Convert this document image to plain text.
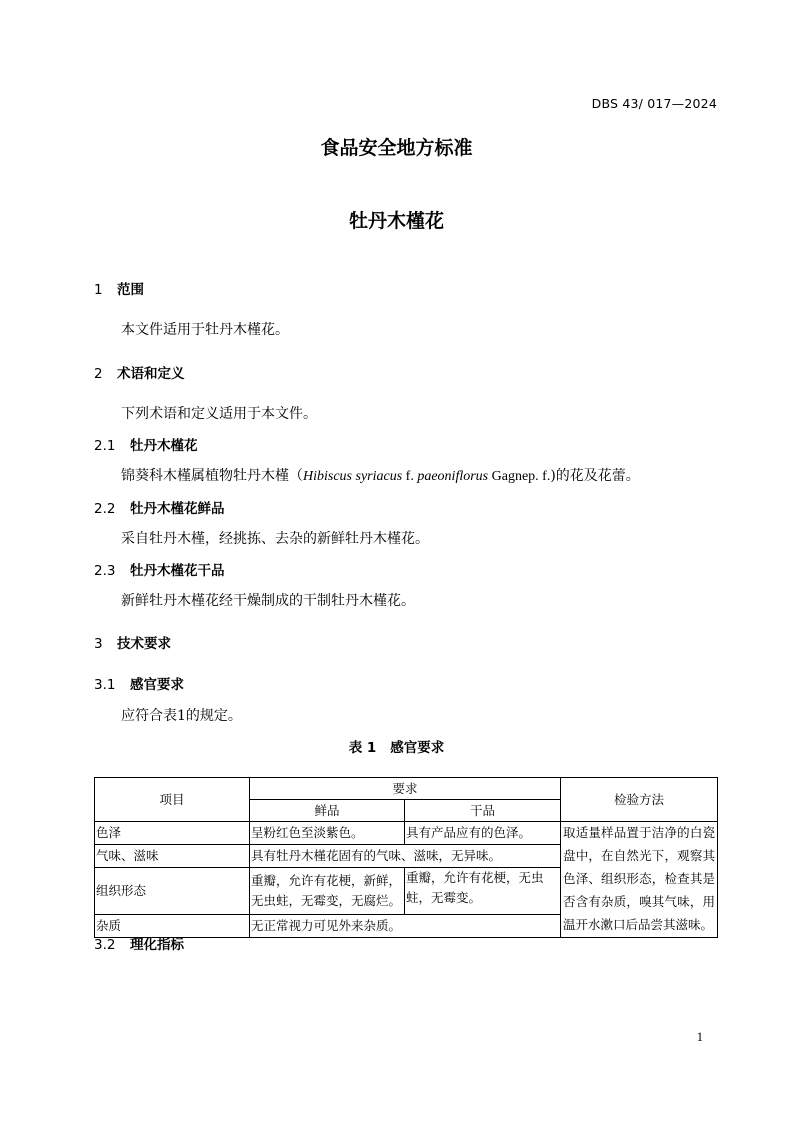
DBS 43/ 017—2024
食品安全地方标准
牡丹木槿花
1 范围
本文件适用于牡丹木槿花。
2 术语和定义
下列术语和定义适用于本文件。
2.1 牡丹木槿花
锦葵科木槿属植物牡丹木槿（Hibiscus syriacus f. paeoniflorus Gagnep. f.)的花及花蕾。
2.2 牡丹木槿花鲜品
采自牡丹木槿，经挑拣、去杂的新鲜牡丹木槿花。
2.3 牡丹木槿花干品
新鲜牡丹木槿花经干燥制成的干制牡丹木槿花。
3 技术要求
3.1 感官要求
应符合表1的规定。
表 1 感官要求
项目	要求		检验方法
	鲜品	干品	
色泽	呈粉红色至淡紫色。	具有产品应有的色泽。	取适量样品置于洁净的白瓷盘中，在自然光下，观察其色泽、组织形态，检查其是否含有杂质，嗅其气味，用温开水漱口后品尝其滋味。
气味、滋味	具有牡丹木槿花固有的气味、滋味，无异味。		
组织形态	重瓣，允许有花梗，新鲜，无虫蛀，无霉变，无腐烂。	重瓣，允许有花梗，无虫蛀，无霉变。	
杂质	无正常视力可见外来杂质。		
3.2 理化指标
1
